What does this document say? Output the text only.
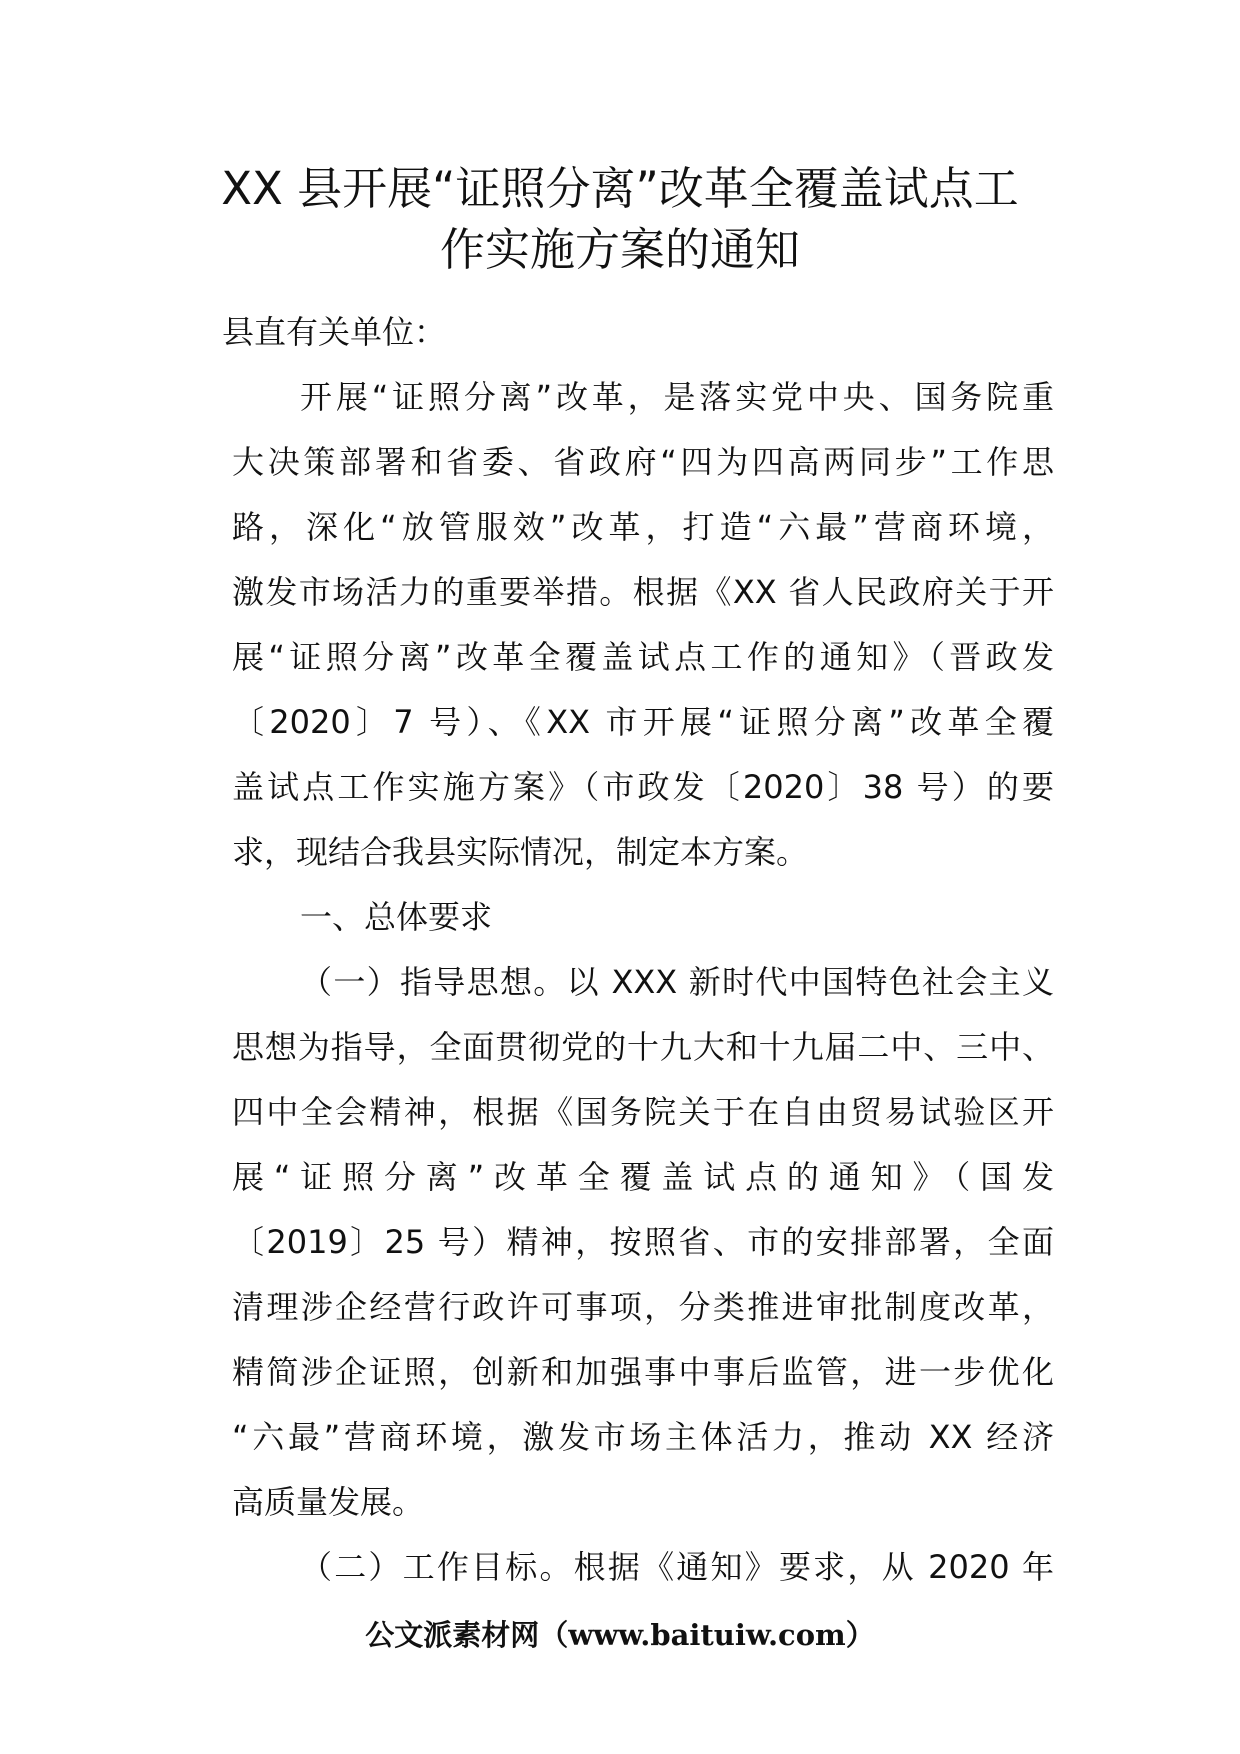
XX 县开展“证照分离”改革全覆盖试点工
作实施方案的通知
县直有关单位：
开展“证照分离”改革，是落实党中央、国务院重
大决策部署和省委、省政府“四为四高两同步”工作思
路，深化“放管服效”改革，打造“六最”营商环境，
激发市场活力的重要举措。根据《XX 省人民政府关于开
展“证照分离”改革全覆盖试点工作的通知》（晋政发
〔2020〕7 号）、《XX 市开展“证照分离”改革全覆
盖试点工作实施方案》（市政发〔2020〕38 号）的要
求，现结合我县实际情况，制定本方案。
一、总体要求
（一）指导思想。以 XXX 新时代中国特色社会主义
思想为指导，全面贯彻党的十九大和十九届二中、三中、
四中全会精神，根据《国务院关于在自由贸易试验区开
展“证照分离”改革全覆盖试点的通知》（国发
〔2019〕25 号）精神，按照省、市的安排部署，全面
清理涉企经营行政许可事项，分类推进审批制度改革，
精简涉企证照，创新和加强事中事后监管，进一步优化
“六最”营商环境，激发市场主体活力，推动 XX 经济
高质量发展。
（二）工作目标。根据《通知》要求，从 2020 年
公文派素材网（www.baituiw.com）
